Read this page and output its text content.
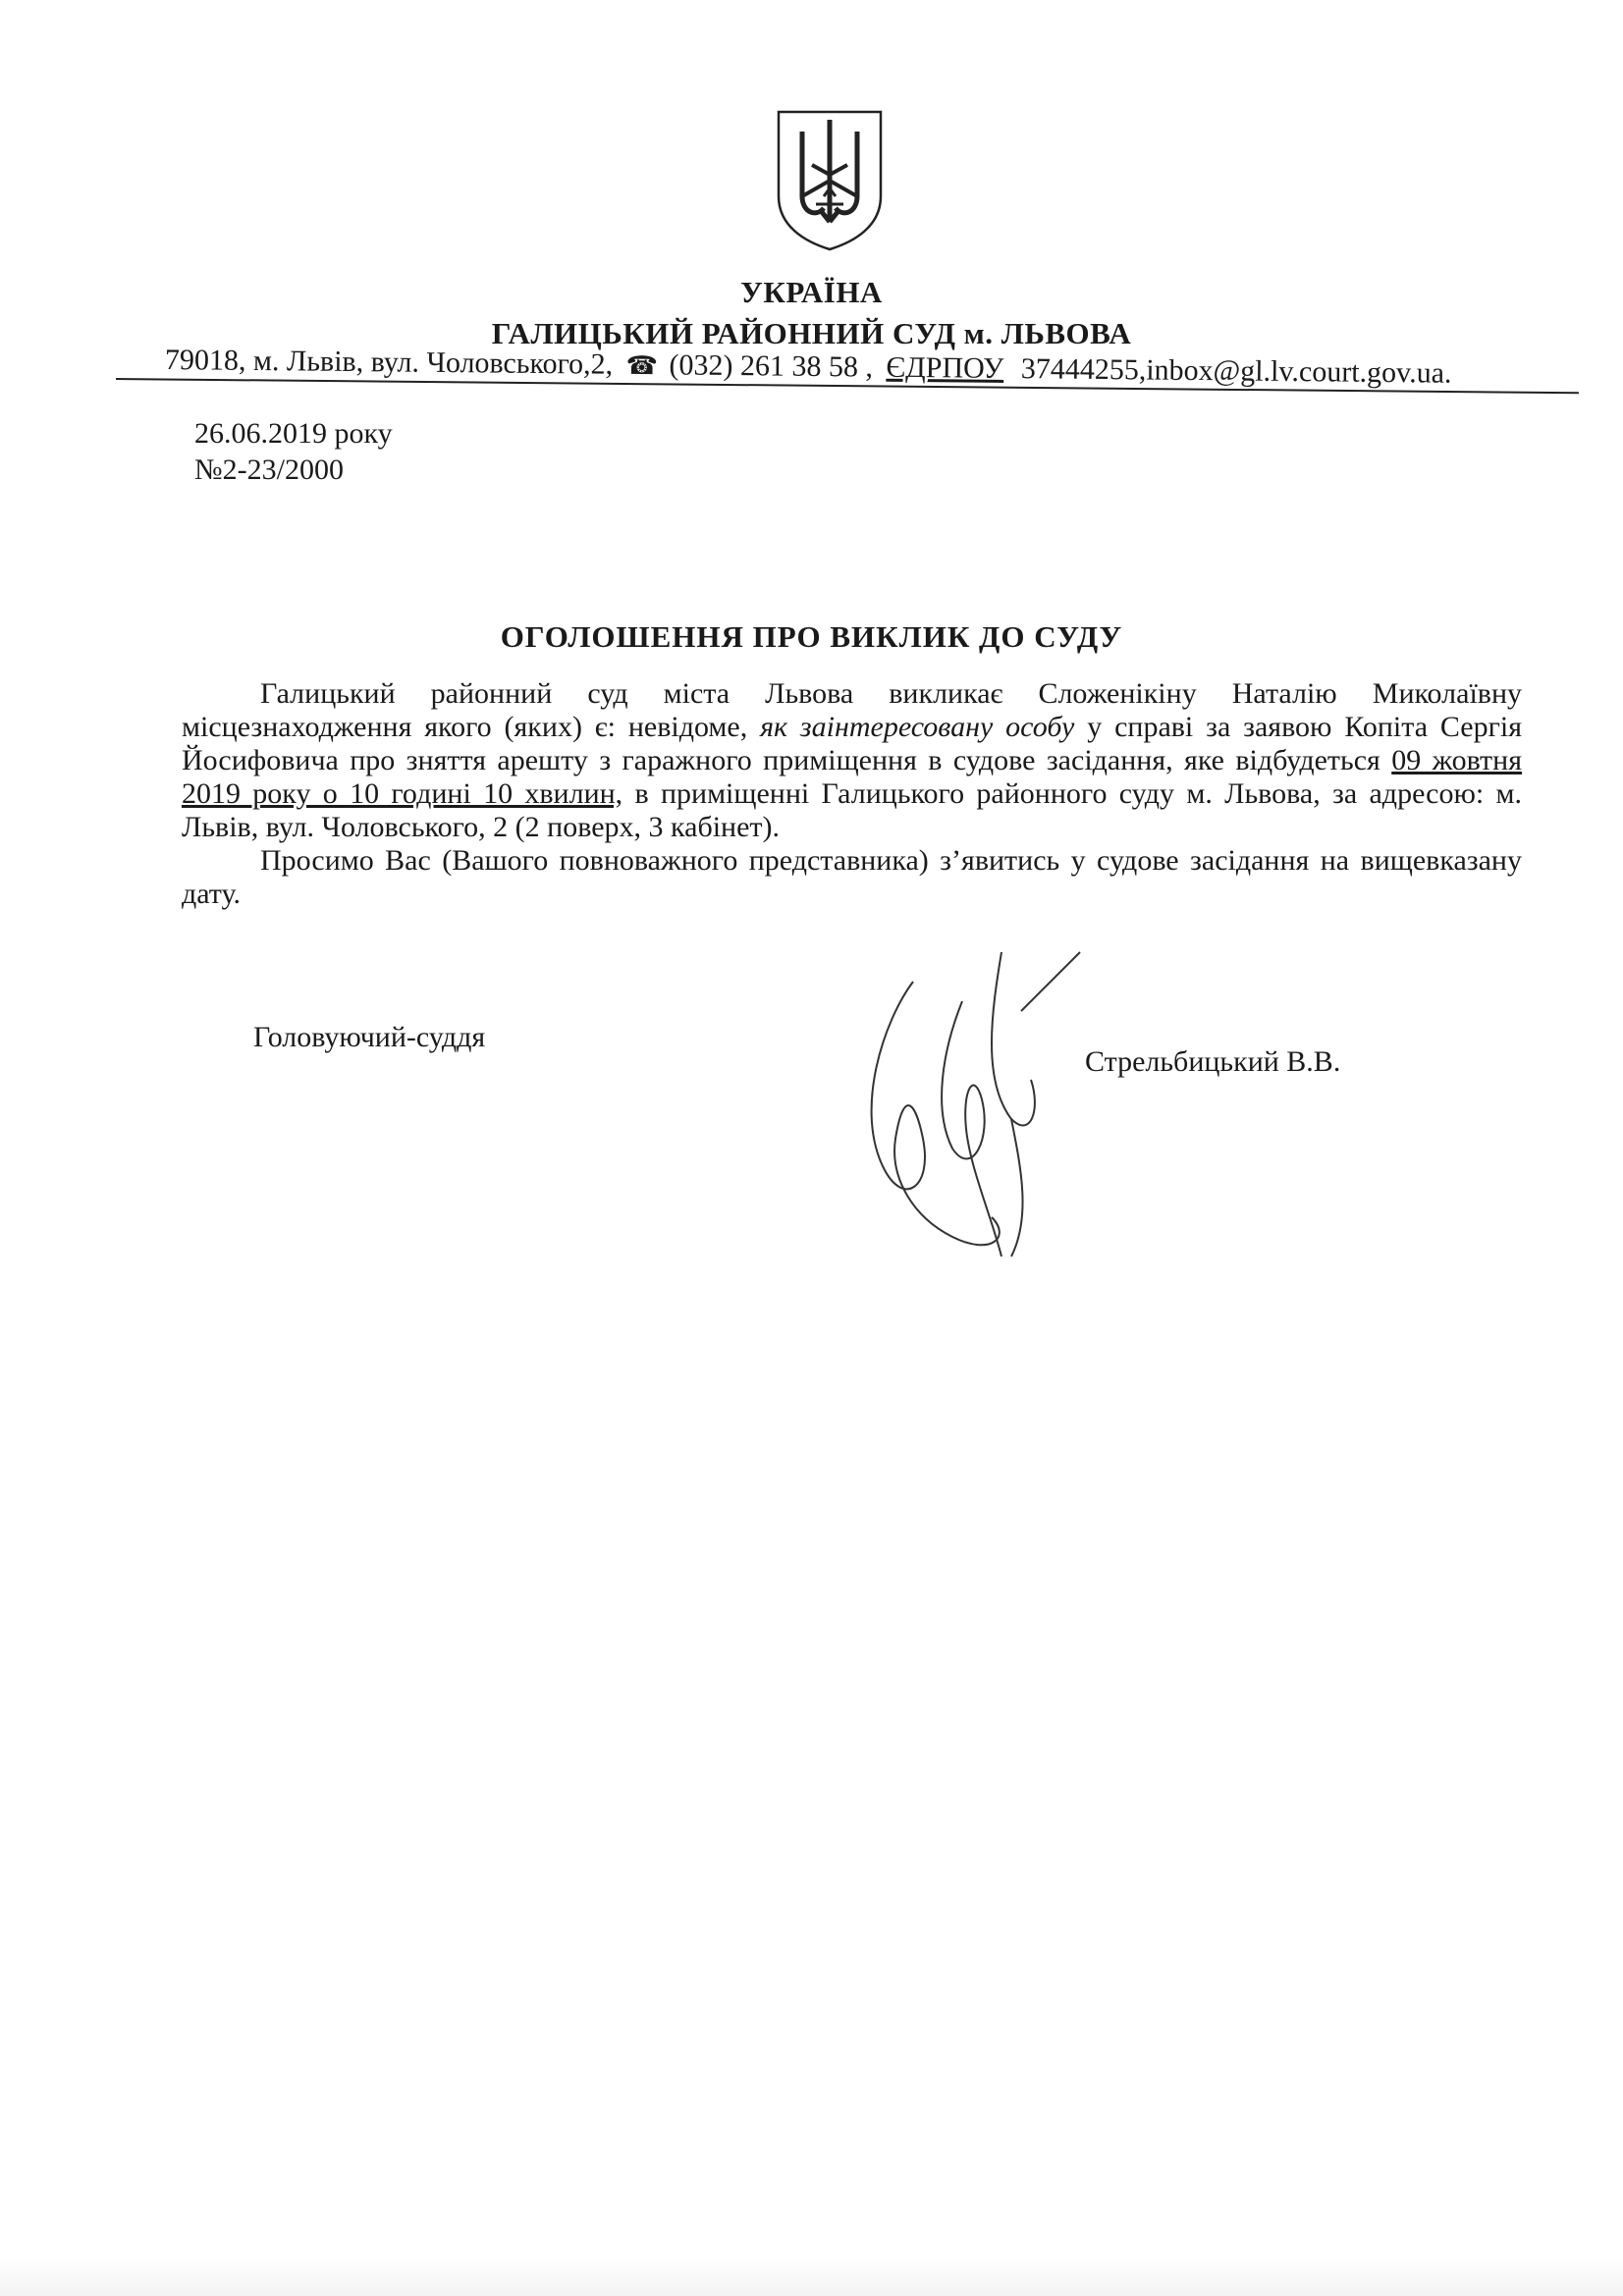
УКРАЇНА
ГАЛИЦЬКИЙ РАЙОННИЙ СУД м. ЛЬВОВА
79018, м. Львів, вул. Чоловського,2, ☎ (032) 261 38 58 , ЄДРПОУ 37444255,inbox@gl.lv.court.gov.ua.
26.06.2019 року
№2-23/2000
ОГОЛОШЕННЯ ПРО ВИКЛИК ДО СУДУ

Галицький районний суд міста Львова викликає Сложенікіну Наталію Миколаївну місцезнаходження якого (яких) є: невідоме, як заінтересовану особу у справі за заявою Копіта Сергія Йосифовича про зняття арешту з гаражного приміщення в судове засідання, яке відбудеться 09 жовтня 2019 року о 10 годині 10 хвилин, в приміщенні Галицького районного суду м. Львова, за адресою: м. Львів, вул. Чоловського, 2 (2 поверх, 3 кабінет).

Просимо Вас (Вашого повноважного представника) з’явитись у судове засідання на вищевказану дату.

Головуючий-суддя
Стрельбицький В.В.
